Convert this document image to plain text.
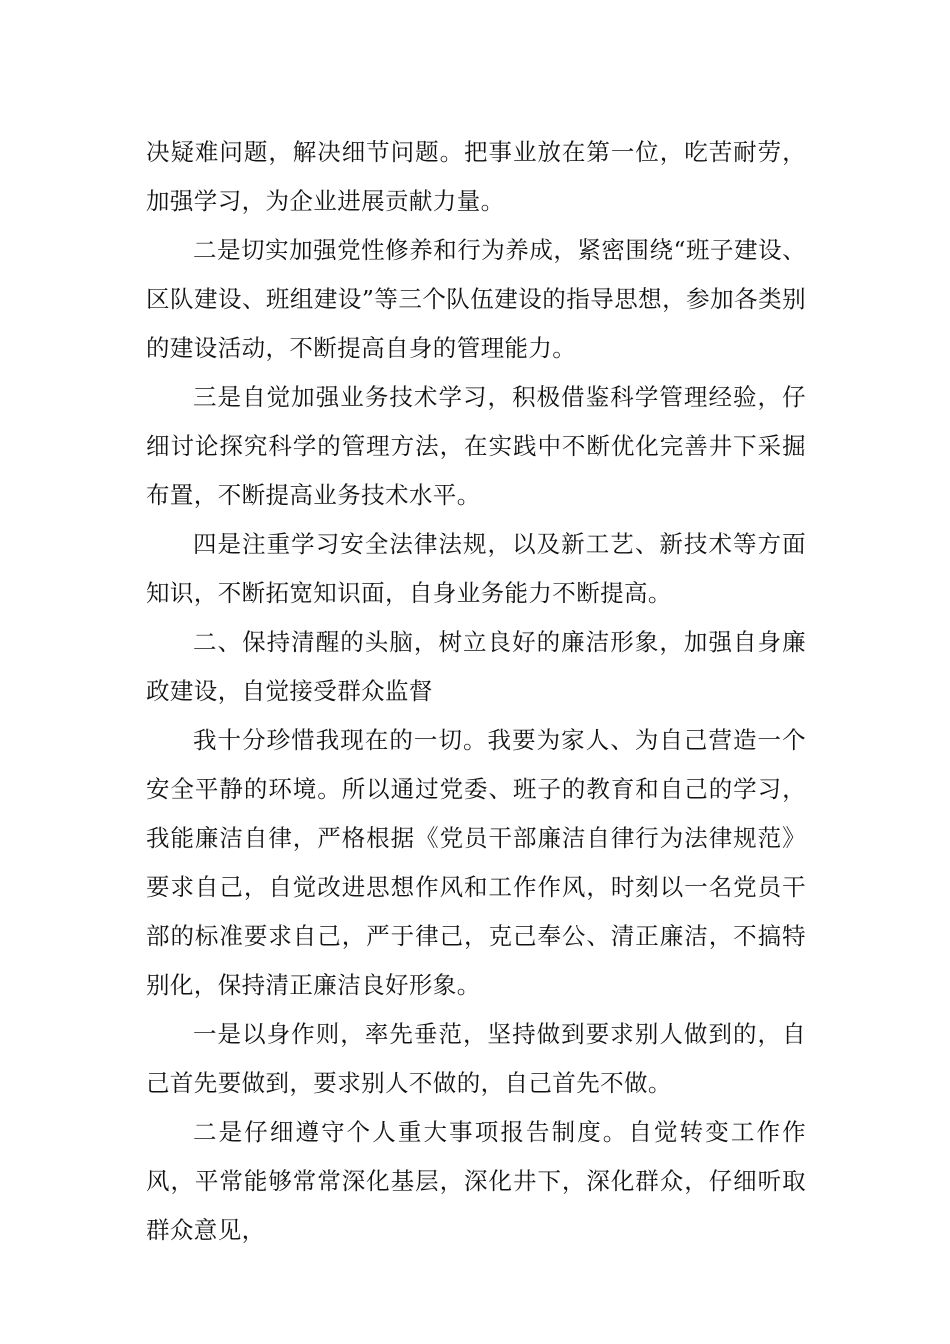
决疑难问题，解决细节问题。把事业放在第一位，吃苦耐劳，加强学习，为企业进展贡献力量。

二是切实加强党性修养和行为养成，紧密围绕“班子建设、区队建设、班组建设”等三个队伍建设的指导思想，参加各类别的建设活动，不断提高自身的管理能力。

三是自觉加强业务技术学习，积极借鉴科学管理经验，仔细讨论探究科学的管理方法，在实践中不断优化完善井下采掘布置，不断提高业务技术水平。

四是注重学习安全法律法规，以及新工艺、新技术等方面知识，不断拓宽知识面，自身业务能力不断提高。

二、保持清醒的头脑，树立良好的廉洁形象，加强自身廉政建设，自觉接受群众监督

我十分珍惜我现在的一切。我要为家人、为自己营造一个安全平静的环境。所以通过党委、班子的教育和自己的学习，我能廉洁自律，严格根据《党员干部廉洁自律行为法律规范》要求自己，自觉改进思想作风和工作作风，时刻以一名党员干部的标准要求自己，严于律己，克己奉公、清正廉洁，不搞特别化，保持清正廉洁良好形象。

一是以身作则，率先垂范，坚持做到要求别人做到的，自己首先要做到，要求别人不做的，自己首先不做。

二是仔细遵守个人重大事项报告制度。自觉转变工作作风，平常能够常常深化基层，深化井下，深化群众，仔细听取群众意见，
